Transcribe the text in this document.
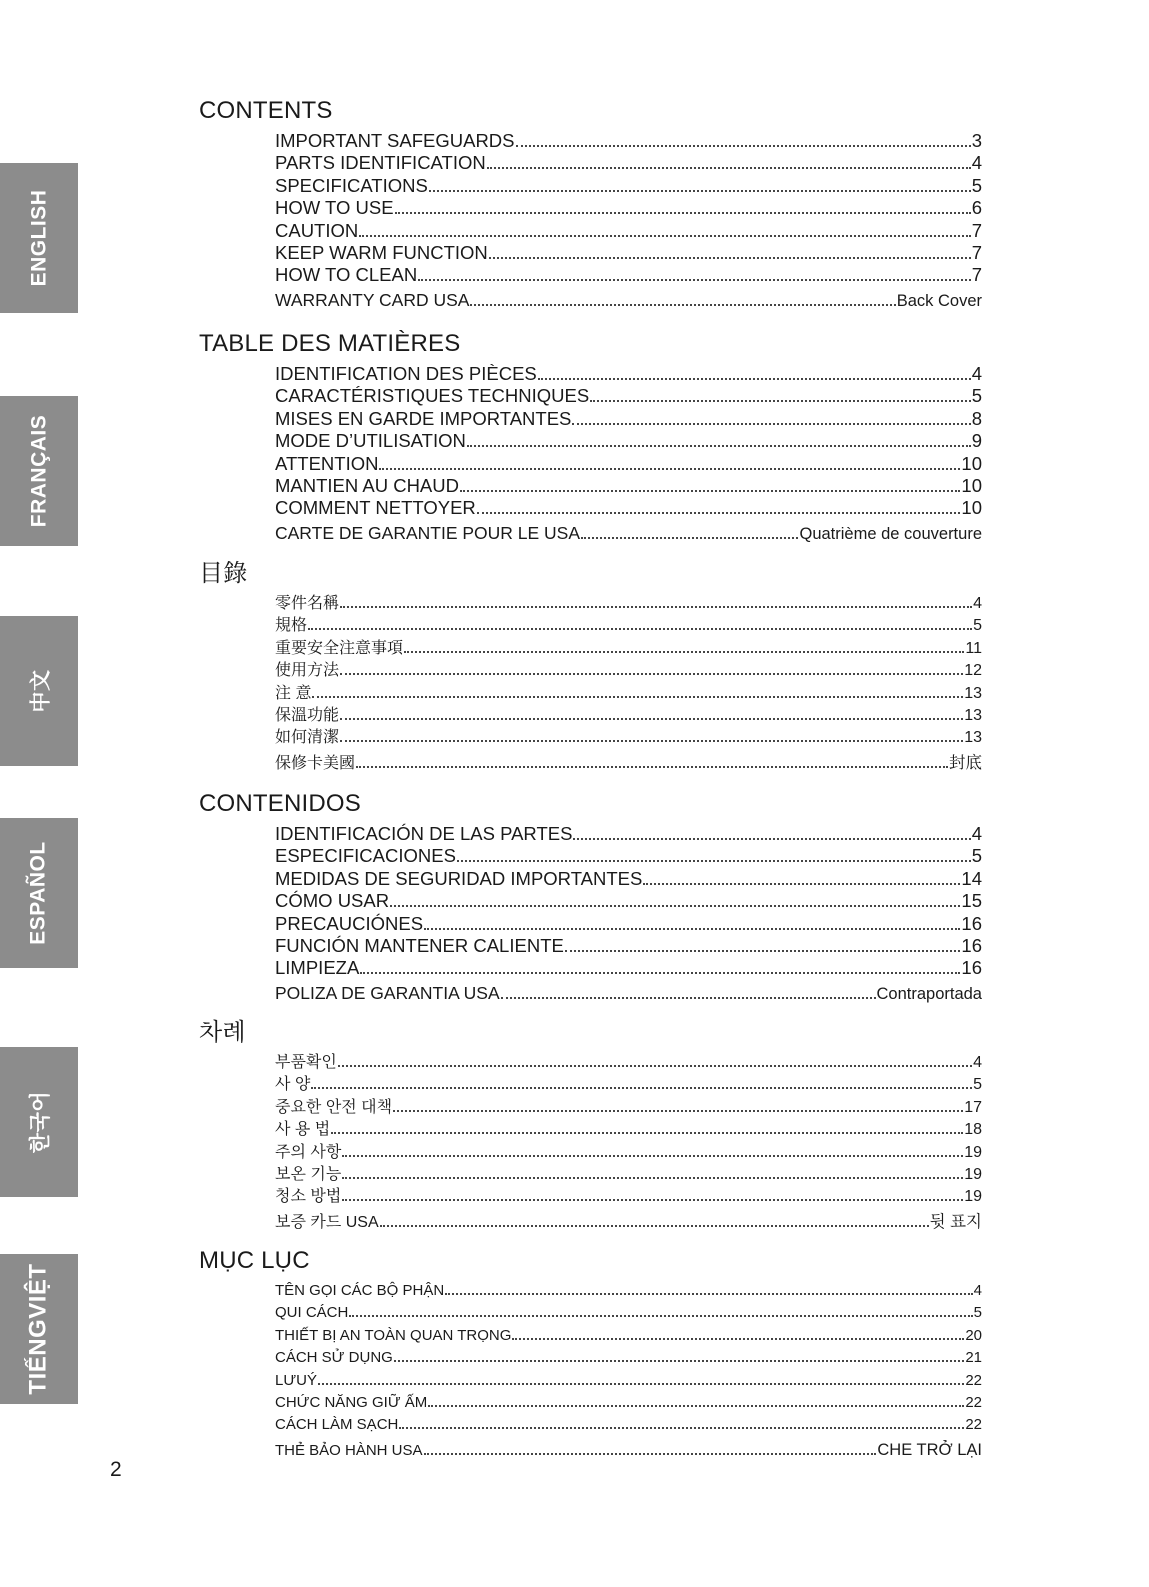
ENGLISH
FRANÇAIS
中文
ESPAÑOL
한국어
TIẾNGVIỆT
CONTENTS
IMPORTANT SAFEGUARDS	3
PARTS IDENTIFICATION	4
SPECIFICATIONS	5
HOW TO USE	6
CAUTION	7
KEEP WARM FUNCTION	7
HOW TO CLEAN	7
WARRANTY CARD USA	Back Cover
TABLE DES MATIÈRES
IDENTIFICATION DES PIÈCES	4
CARACTÉRISTIQUES TECHNIQUES	5
MISES EN GARDE IMPORTANTES	8
MODE D’UTILISATION	9
ATTENTION	10
MANTIEN AU CHAUD	10
COMMENT NETTOYER	10
CARTE DE GARANTIE POUR LE USA	Quatrième de couverture
目錄
零件名稱	4
規格	5
重要安全注意事項	11
使用方法	12
注 意	13
保溫功能	13
如何清潔	13
保修卡美國	封底
CONTENIDOS
IDENTIFICACIÓN DE LAS PARTES	4
ESPECIFICACIONES	5
MEDIDAS DE SEGURIDAD IMPORTANTES	14
CÓMO USAR	15
PRECAUCIÓNES	16
FUNCIÓN MANTENER CALIENTE	16
LIMPIEZA	16
POLIZA DE GARANTIA USA	Contraportada
차례
부품확인	4
사 양	5
중요한 안전 대책	17
사 용 법	18
주의 사항	19
보온 기능	19
청소 방법	19
보증 카드 USA	뒷 표지
MỤC LỤC
TÊN GỌI CÁC BỘ PHẬN	4
QUI CÁCH	5
THIẾT BỊ AN TOÀN QUAN TRỌNG	20
CÁCH SỬ DỤNG	21
LƯUÝ	22
CHỨC NĂNG GIỮ ẤM	22
CÁCH LÀM SẠCH	22
THẺ BẢO HÀNH USA	CHE TRỞ LẠI
2
